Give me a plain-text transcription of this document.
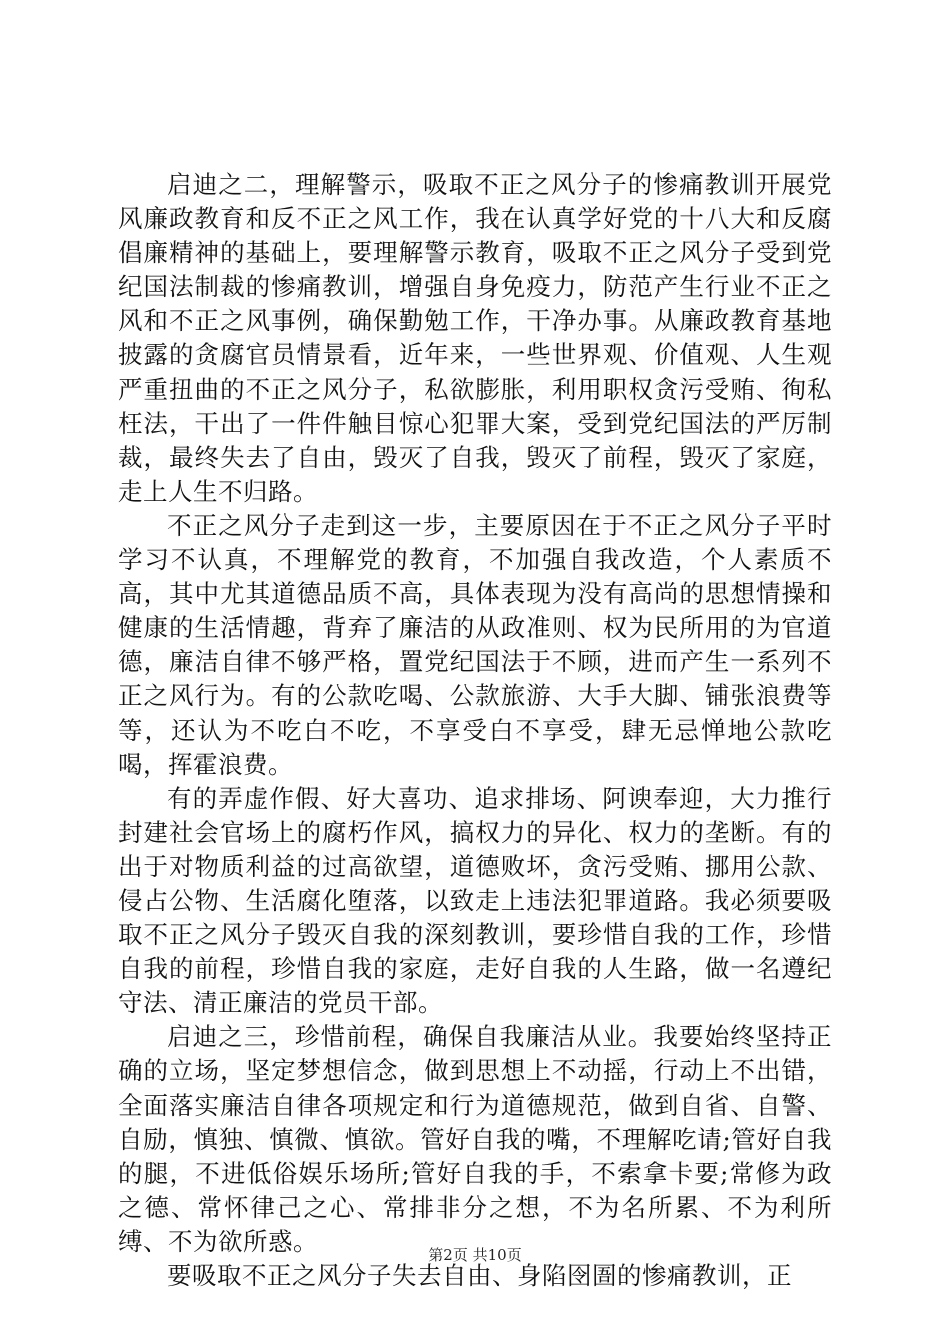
启迪之二，理解警示，吸取不正之风分子的惨痛教训开展党风廉政教育和反不正之风工作，我在认真学好党的十八大和反腐倡廉精神的基础上，要理解警示教育，吸取不正之风分子受到党纪国法制裁的惨痛教训，增强自身免疫力，防范产生行业不正之风和不正之风事例，确保勤勉工作，干净办事。从廉政教育基地披露的贪腐官员情景看，近年来，一些世界观、价值观、人生观严重扭曲的不正之风分子，私欲膨胀，利用职权贪污受贿、徇私枉法，干出了一件件触目惊心犯罪大案，受到党纪国法的严厉制裁，最终失去了自由，毁灭了自我，毁灭了前程，毁灭了家庭，走上人生不归路。

不正之风分子走到这一步，主要原因在于不正之风分子平时学习不认真，不理解党的教育，不加强自我改造，个人素质不高，其中尤其道德品质不高，具体表现为没有高尚的思想情操和健康的生活情趣，背弃了廉洁的从政准则、权为民所用的为官道德，廉洁自律不够严格，置党纪国法于不顾，进而产生一系列不正之风行为。有的公款吃喝、公款旅游、大手大脚、铺张浪费等等，还认为不吃白不吃，不享受白不享受，肆无忌惮地公款吃喝，挥霍浪费。

有的弄虚作假、好大喜功、追求排场、阿谀奉迎，大力推行封建社会官场上的腐朽作风，搞权力的异化、权力的垄断。有的出于对物质利益的过高欲望，道德败坏，贪污受贿、挪用公款、侵占公物、生活腐化堕落，以致走上违法犯罪道路。我必须要吸取不正之风分子毁灭自我的深刻教训，要珍惜自我的工作，珍惜自我的前程，珍惜自我的家庭，走好自我的人生路，做一名遵纪守法、清正廉洁的党员干部。

启迪之三，珍惜前程，确保自我廉洁从业。我要始终坚持正确的立场，坚定梦想信念，做到思想上不动摇，行动上不出错，全面落实廉洁自律各项规定和行为道德规范，做到自省、自警、自励，慎独、慎微、慎欲。管好自我的嘴，不理解吃请;管好自我的腿，不进低俗娱乐场所;管好自我的手，不索拿卡要;常修为政之德、常怀律己之心、常排非分之想，不为名所累、不为利所缚、不为欲所惑。

要吸取不正之风分子失去自由、身陷囹圄的惨痛教训，正

第2页 共10页
